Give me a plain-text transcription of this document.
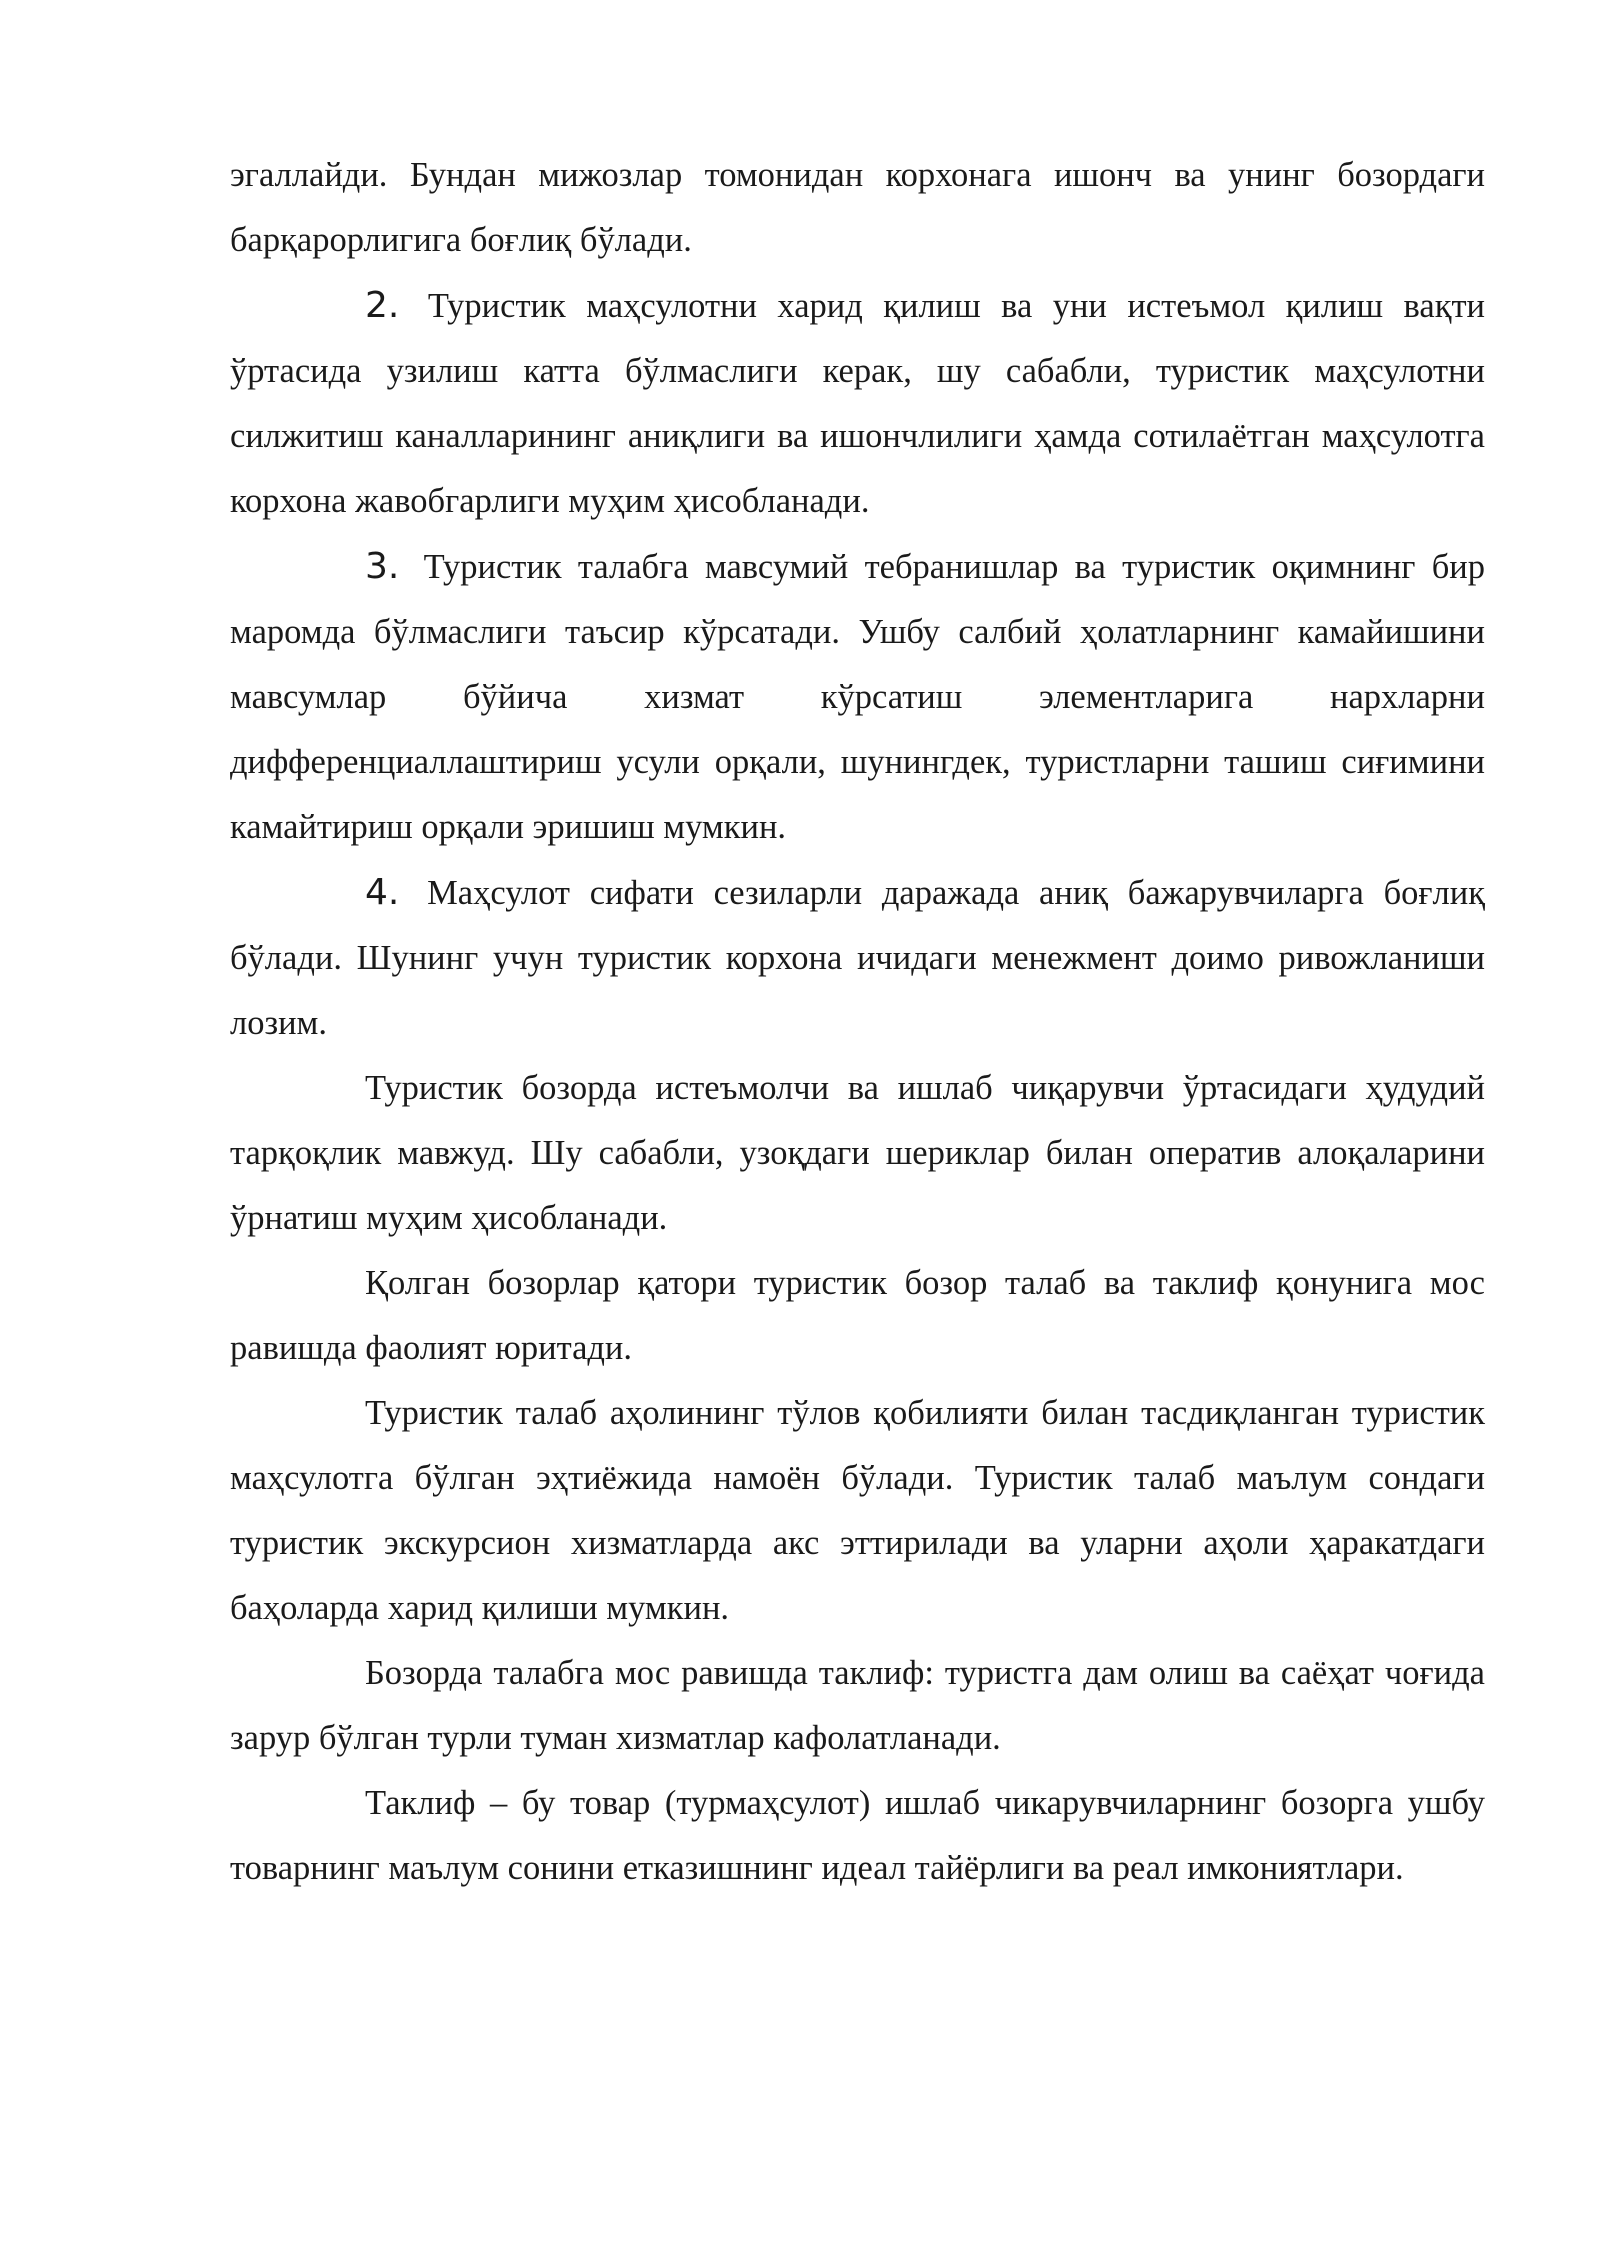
эгаллайди. Бундан мижозлар томонидан корхонага ишонч ва унинг бозордаги барқарорлигига боғлиқ бўлади.

2. Туристик маҳсулотни харид қилиш ва уни истеъмол қилиш вақти ўртасида узилиш катта бўлмаслиги керак, шу сабабли, туристик маҳсулотни силжитиш каналларининг аниқлиги ва ишончлилиги ҳамда сотилаётган маҳсулотга корхона жавобгарлиги муҳим ҳисобланади.

3. Туристик талабга мавсумий тебранишлар ва туристик оқимнинг бир маромда бўлмаслиги таъсир кўрсатади. Ушбу салбий ҳолатларнинг камайишини мавсумлар бўйича хизмат кўрсатиш элементларига нархларни дифференциаллаштириш усули орқали, шунингдек, туристларни ташиш сиғимини камайтириш орқали эришиш мумкин.

4. Маҳсулот сифати сезиларли даражада аниқ бажарувчиларга боғлиқ бўлади. Шунинг учун туристик корхона ичидаги менежмент доимо ривожланиши лозим.

Туристик бозорда истеъмолчи ва ишлаб чиқарувчи ўртасидаги ҳудудий тарқоқлик мавжуд. Шу сабабли, узоқдаги шериклар билан оператив алоқаларини ўрнатиш муҳим ҳисобланади.

Қолган бозорлар қатори туристик бозор талаб ва таклиф қонунига мос равишда фаолият юритади.

Туристик талаб аҳолининг тўлов қобилияти билан тасдиқланган туристик маҳсулотга бўлган эҳтиёжида намоён бўлади. Туристик талаб маълум сондаги туристик экскурсион хизматларда акс эттирилади ва уларни аҳоли ҳаракатдаги баҳоларда харид қилиши мумкин.

Бозорда талабга мос равишда таклиф: туристга дам олиш ва саёҳат чоғида зарур бўлган турли туман хизматлар кафолатланади.

Таклиф – бу товар (турмаҳсулот) ишлаб чикарувчиларнинг бозорга ушбу товарнинг маълум сонини етказишнинг идеал тайёрлиги ва реал имкониятлари.
